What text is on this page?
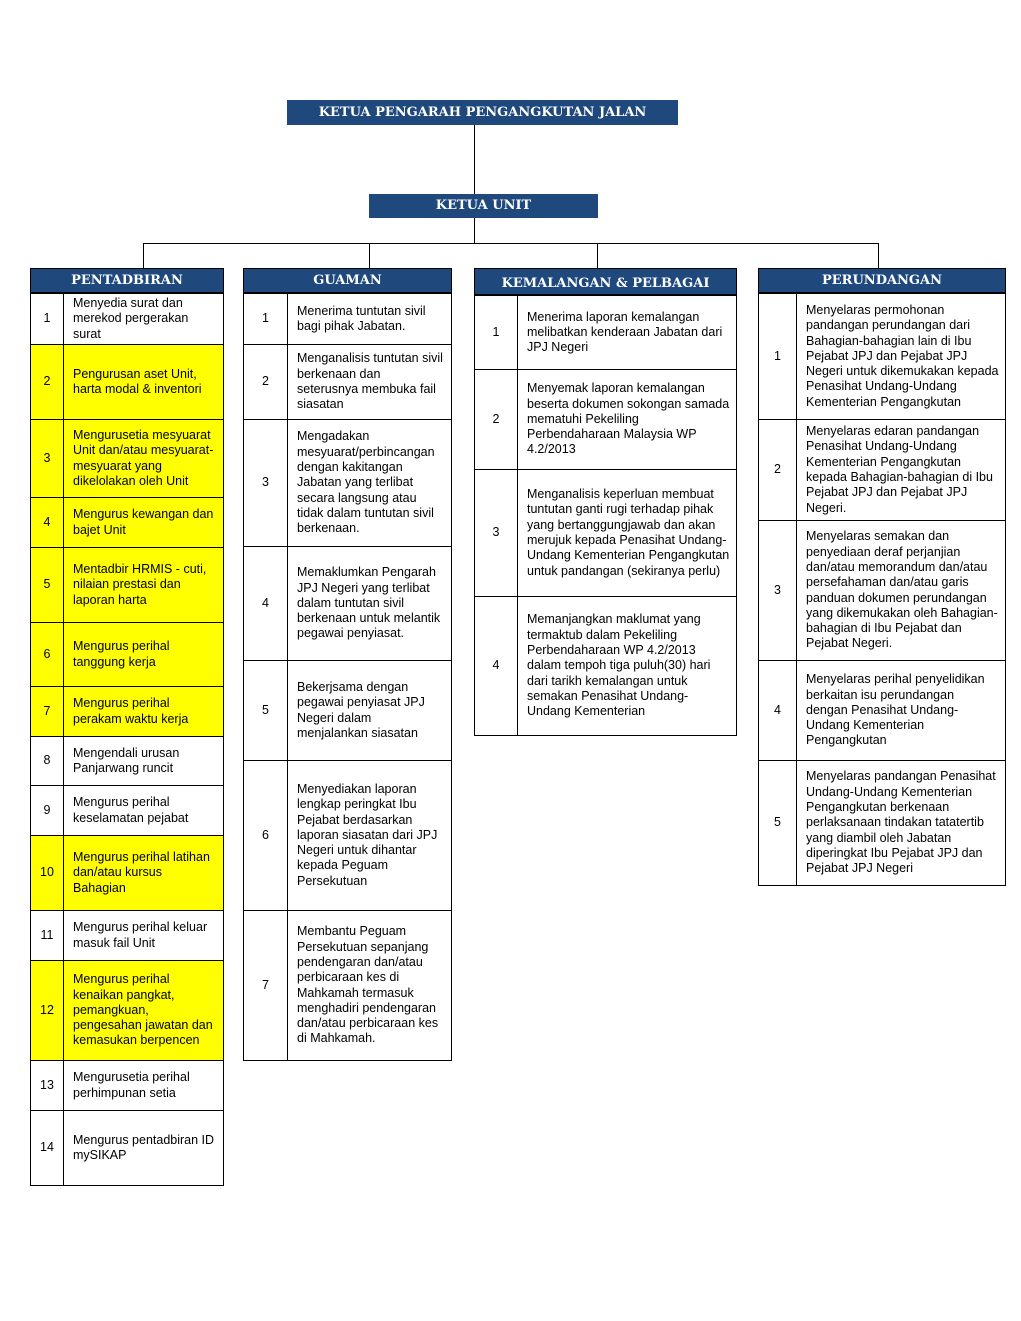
KETUA PENGARAH PENGANGKUTAN JALAN
KETUA UNIT
PENTADBIRAN
1	Menyedia surat dan merekod pergerakan surat
2	Pengurusan aset Unit, harta modal & inventori
3	Mengurusetia mesyuarat Unit dan/atau mesyuarat-mesyuarat yang dikelolakan oleh Unit
4	Mengurus kewangan dan bajet Unit
5	Mentadbir HRMIS - cuti, nilaian prestasi dan laporan harta
6	Mengurus perihal tanggung kerja
7	Mengurus perihal perakam waktu kerja
8	Mengendali urusan Panjarwang runcit
9	Mengurus perihal keselamatan pejabat
10	Mengurus perihal latihan dan/atau kursus Bahagian
11	Mengurus perihal keluar masuk fail Unit
12	Mengurus perihal kenaikan pangkat, pemangkuan, pengesahan jawatan dan kemasukan berpencen
13	Mengurusetia perihal perhimpunan setia
14	Mengurus pentadbiran ID mySIKAP
GUAMAN
1	Menerima tuntutan sivil bagi pihak Jabatan.
2	Menganalisis tuntutan sivil berkenaan dan seterusnya membuka fail siasatan
3	Mengadakan mesyuarat/perbincangan dengan kakitangan Jabatan yang terlibat secara langsung atau tidak dalam tuntutan sivil berkenaan.
4	Memaklumkan Pengarah JPJ Negeri yang terlibat dalam tuntutan sivil berkenaan untuk melantik pegawai penyiasat.
5	Bekerjsama dengan pegawai penyiasat JPJ Negeri dalam menjalankan siasatan
6	Menyediakan laporan lengkap peringkat Ibu Pejabat berdasarkan laporan siasatan dari JPJ Negeri untuk dihantar kepada Peguam Persekutuan
7	Membantu Peguam Persekutuan sepanjang pendengaran dan/atau perbicaraan kes di Mahkamah termasuk menghadiri pendengaran dan/atau perbicaraan kes di Mahkamah.
KEMALANGAN & PELBAGAI
1	Menerima laporan kemalangan melibatkan kenderaan Jabatan dari JPJ Negeri
2	Menyemak laporan kemalangan beserta dokumen sokongan samada mematuhi Pekeliling Perbendaharaan Malaysia WP 4.2/2013
3	Menganalisis keperluan membuat tuntutan ganti rugi terhadap pihak yang bertanggungjawab dan akan merujuk kepada Penasihat Undang-Undang Kementerian Pengangkutan untuk pandangan (sekiranya perlu)
4	Memanjangkan maklumat yang termaktub dalam Pekeliling Perbendaharaan WP 4.2/2013 dalam tempoh tiga puluh(30) hari dari tarikh kemalangan untuk semakan Penasihat Undang-Undang Kementerian
PERUNDANGAN
1	Menyelaras permohonan pandangan perundangan dari Bahagian-bahagian lain di Ibu Pejabat JPJ dan Pejabat JPJ Negeri untuk dikemukakan kepada Penasihat Undang-Undang Kementerian Pengangkutan
2	Menyelaras edaran pandangan Penasihat Undang-Undang Kementerian Pengangkutan kepada Bahagian-bahagian di Ibu Pejabat JPJ dan Pejabat JPJ Negeri.
3	Menyelaras semakan dan penyediaan deraf perjanjian dan/atau memorandum dan/atau persefahaman dan/atau garis panduan dokumen perundangan yang dikemukakan oleh Bahagian-bahagian di Ibu Pejabat dan Pejabat Negeri.
4	Menyelaras perihal penyelidikan berkaitan isu perundangan dengan Penasihat Undang-Undang Kementerian Pengangkutan
5	Menyelaras pandangan Penasihat Undang-Undang Kementerian Pengangkutan berkenaan perlaksanaan tindakan tatatertib yang diambil oleh Jabatan diperingkat Ibu Pejabat JPJ dan Pejabat JPJ Negeri
